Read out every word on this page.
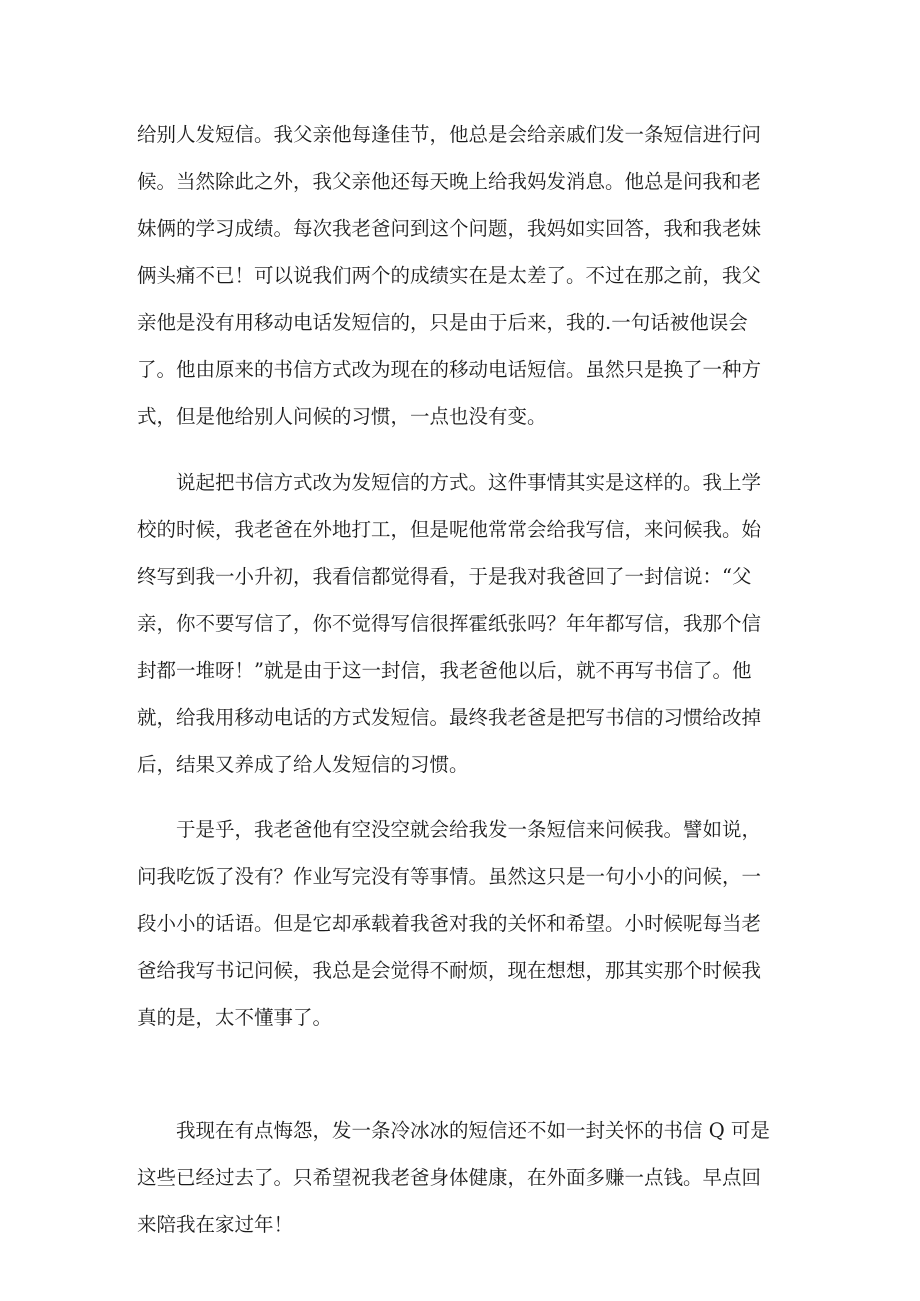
给别人发短信。我父亲他每逢佳节，他总是会给亲戚们发一条短信进行问
候。当然除此之外，我父亲他还每天晚上给我妈发消息。他总是问我和老
妹俩的学习成绩。每次我老爸问到这个问题，我妈如实回答，我和我老妹
俩头痛不已！可以说我们两个的成绩实在是太差了。不过在那之前，我父
亲他是没有用移动电话发短信的，只是由于后来，我的.一句话被他误会
了。他由原来的书信方式改为现在的移动电话短信。虽然只是换了一种方
式，但是他给别人问候的习惯，一点也没有变。
说起把书信方式改为发短信的方式。这件事情其实是这样的。我上学
校的时候，我老爸在外地打工，但是呢他常常会给我写信，来问候我。始
终写到我一小升初，我看信都觉得看，于是我对我爸回了一封信说：“父
亲，你不要写信了，你不觉得写信很挥霍纸张吗？年年都写信，我那个信
封都一堆呀！”就是由于这一封信，我老爸他以后，就不再写书信了。他
就，给我用移动电话的方式发短信。最终我老爸是把写书信的习惯给改掉
后，结果又养成了给人发短信的习惯。
于是乎，我老爸他有空没空就会给我发一条短信来问候我。譬如说，
问我吃饭了没有？作业写完没有等事情。虽然这只是一句小小的问候，一
段小小的话语。但是它却承载着我爸对我的关怀和希望。小时候呢每当老
爸给我写书记问候，我总是会觉得不耐烦，现在想想，那其实那个时候我
真的是，太不懂事了。
我现在有点悔怨，发一条冷冰冰的短信还不如一封关怀的书信 Q 可是
这些已经过去了。只希望祝我老爸身体健康，在外面多赚一点钱。早点回
来陪我在家过年！
